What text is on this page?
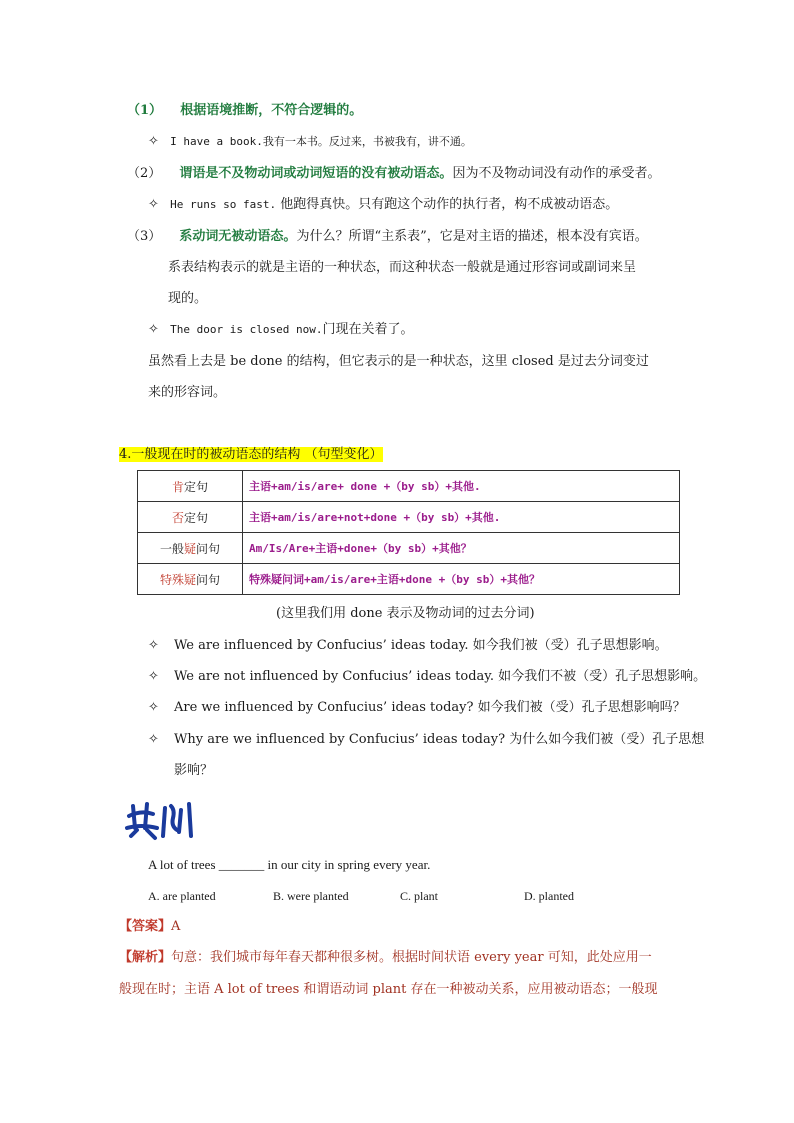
（1） 根据语境推断，不符合逻辑的。
✧ I have a book.我有一本书。反过来，书被我有，讲不通。
（2） 谓语是不及物动词或动词短语的没有被动语态。因为不及物动词没有动作的承受者。
✧ He runs so fast. 他跑得真快。只有跑这个动作的执行者，构不成被动语态。
（3） 系动词无被动语态。为什么？所谓“主系表”，它是对主语的描述，根本没有宾语。
系表结构表示的就是主语的一种状态，而这种状态一般就是通过形容词或副词来呈
现的。
✧ The door is closed now.门现在关着了。
虽然看上去是 be done 的结构，但它表示的是一种状态，这里 closed 是过去分词变过
来的形容词。
4.一般现在时的被动语态的结构 （句型变化）
肯定句	主语+am/is/are+ done +（by sb）+其他.
否定句	主语+am/is/are+not+done +（by sb）+其他.
一般疑问句	Am/Is/Are+主语+done+（by sb）+其他？
特殊疑问句	特殊疑问词+am/is/are+主语+done +（by sb）+其他？
(这里我们用 done 表示及物动词的过去分词)
✧ We are influenced by Confucius’ ideas today. 如今我们被（受）孔子思想影响。
✧ We are not influenced by Confucius’ ideas today. 如今我们不被（受）孔子思想影响。
✧ Are we influenced by Confucius’ ideas today? 如今我们被（受）孔子思想影响吗？
✧ Why are we influenced by Confucius’ ideas today? 为什么如今我们被（受）孔子思想
影响？
A lot of trees _______ in our city in spring every year.
A. are planted	B. were planted	C. plant	D. planted
【答案】A
【解析】句意：我们城市每年春天都种很多树。根据时间状语 every year 可知，此处应用一
般现在时；主语 A lot of trees 和谓语动词 plant 存在一种被动关系，应用被动语态；一般现
